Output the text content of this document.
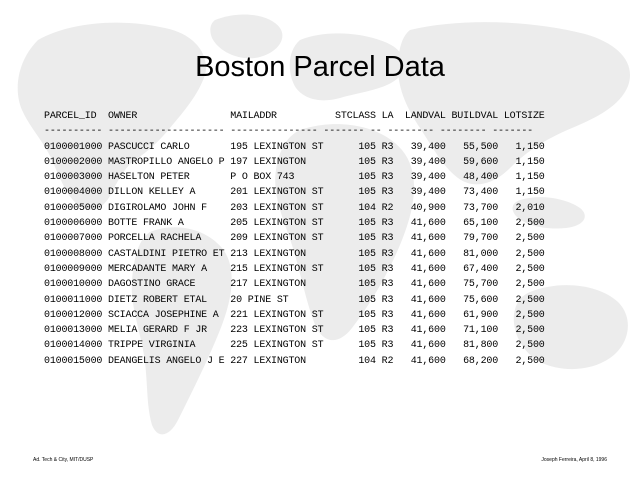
Boston Parcel Data
PARCEL_ID  OWNER                MAILADDR          STCLASS LA  LANDVAL BUILDVAL LOTSIZE
---------- -------------------- --------------- ------- -- -------- -------- -------
0100001000 PASCUCCI CARLO       195 LEXINGTON ST      105 R3   39,400   55,500   1,150
0100002000 MASTROPILLO ANGELO P 197 LEXINGTON         105 R3   39,400   59,600   1,150
0100003000 HASELTON PETER       P O BOX 743           105 R3   39,400   48,400   1,150
0100004000 DILLON KELLEY A      201 LEXINGTON ST      105 R3   39,400   73,400   1,150
0100005000 DIGIROLAMO JOHN F    203 LEXINGTON ST      104 R2   40,900   73,700   2,010
0100006000 BOTTE FRANK A        205 LEXINGTON ST      105 R3   41,600   65,100   2,500
0100007000 PORCELLA RACHELA     209 LEXINGTON ST      105 R3   41,600   79,700   2,500
0100008000 CASTALDINI PIETRO ET 213 LEXINGTON         105 R3   41,600   81,000   2,500
0100009000 MERCADANTE MARY A    215 LEXINGTON ST      105 R3   41,600   67,400   2,500
0100010000 DAGOSTINO GRACE      217 LEXINGTON         105 R3   41,600   75,700   2,500
0100011000 DIETZ ROBERT ETAL    20 PINE ST            105 R3   41,600   75,600   2,500
0100012000 SCIACCA JOSEPHINE A  221 LEXINGTON ST      105 R3   41,600   61,900   2,500
0100013000 MELIA GERARD F JR    223 LEXINGTON ST      105 R3   41,600   71,100   2,500
0100014000 TRIPPE VIRGINIA      225 LEXINGTON ST      105 R3   41,600   81,800   2,500
0100015000 DEANGELIS ANGELO J E 227 LEXINGTON         104 R2   41,600   68,200   2,500
Ad. Tech & City, MIT/DUSP	Joseph Ferreira, April 8, 1996
